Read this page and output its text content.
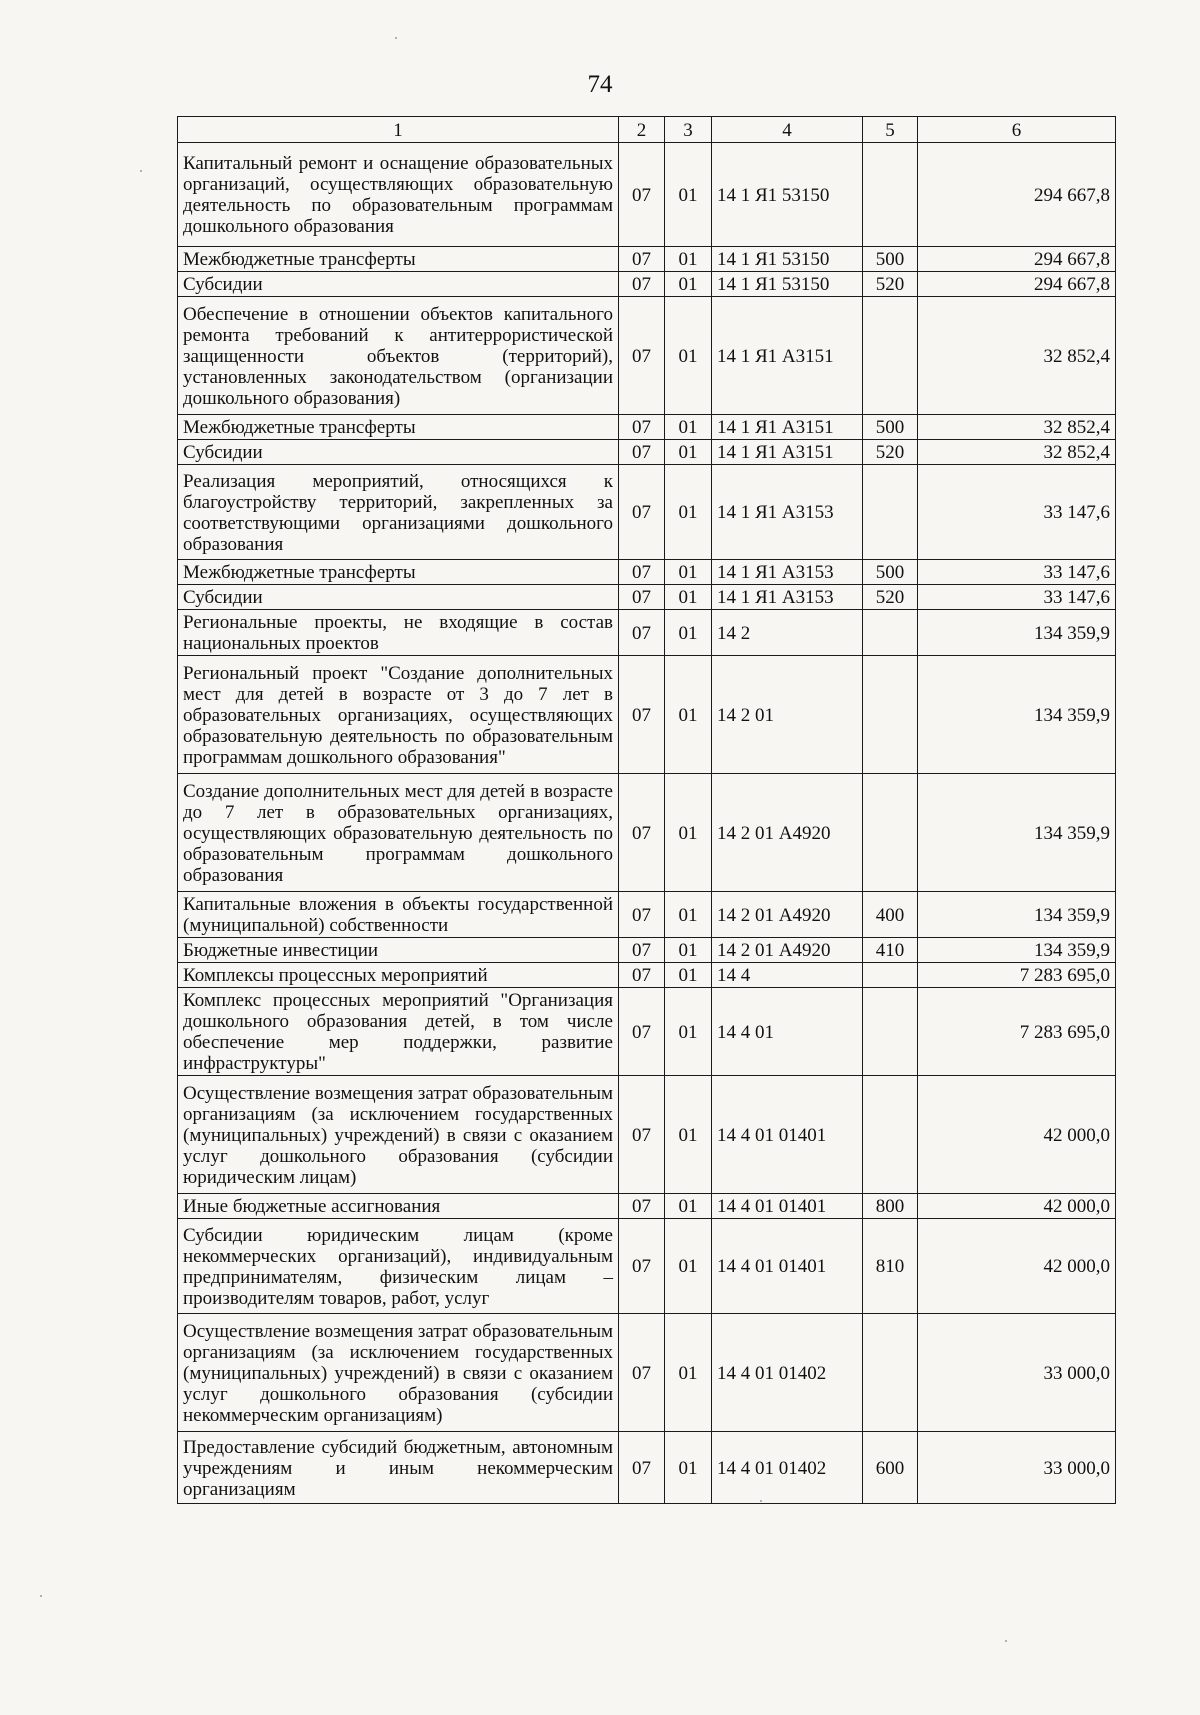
74
1	2	3	4	5	6
Капитальный ремонт и оснащение образовательных организаций, осуществляющих образовательную деятельность по образовательным программам дошкольного образования	07	01	14 1 Я1 53150		294 667,8
Межбюджетные трансферты	07	01	14 1 Я1 53150	500	294 667,8
Субсидии	07	01	14 1 Я1 53150	520	294 667,8
Обеспечение в отношении объектов капитального ремонта требований к антитеррористической защищенности объектов (территорий), установленных законодательством (организации дошкольного образования)	07	01	14 1 Я1 А3151		32 852,4
Межбюджетные трансферты	07	01	14 1 Я1 А3151	500	32 852,4
Субсидии	07	01	14 1 Я1 А3151	520	32 852,4
Реализация мероприятий, относящихся к благоустройству территорий, закрепленных за соответствующими организациями дошкольного образования	07	01	14 1 Я1 А3153		33 147,6
Межбюджетные трансферты	07	01	14 1 Я1 А3153	500	33 147,6
Субсидии	07	01	14 1 Я1 А3153	520	33 147,6
Региональные проекты, не входящие в состав национальных проектов	07	01	14 2		134 359,9
Региональный проект "Создание дополнительных мест для детей в возрасте от 3 до 7 лет в образовательных организациях, осуществляющих образовательную деятельность по образовательным программам дошкольного образования"	07	01	14 2 01		134 359,9
Создание дополнительных мест для детей в возрасте до 7 лет в образовательных организациях, осуществляющих образовательную деятельность по образовательным программам дошкольного образования	07	01	14 2 01 А4920		134 359,9
Капитальные вложения в объекты государственной (муниципальной) собственности	07	01	14 2 01 А4920	400	134 359,9
Бюджетные инвестиции	07	01	14 2 01 А4920	410	134 359,9
Комплексы процессных мероприятий	07	01	14 4		7 283 695,0
Комплекс процессных мероприятий "Организация дошкольного образования детей, в том числе обеспечение мер поддержки, развитие инфраструктуры"	07	01	14 4 01		7 283 695,0
Осуществление возмещения затрат образовательным организациям (за исключением государственных (муниципальных) учреждений) в связи с оказанием услуг дошкольного образования (субсидии юридическим лицам)	07	01	14 4 01 01401		42 000,0
Иные бюджетные ассигнования	07	01	14 4 01 01401	800	42 000,0
Субсидии юридическим лицам (кроме некоммерческих организаций), индивидуальным предпринимателям, физическим лицам – производителям товаров, работ, услуг	07	01	14 4 01 01401	810	42 000,0
Осуществление возмещения затрат образовательным организациям (за исключением государственных (муниципальных) учреждений) в связи с оказанием услуг дошкольного образования (субсидии некоммерческим организациям)	07	01	14 4 01 01402		33 000,0
Предоставление субсидий бюджетным, автономным учреждениям и иным некоммерческим организациям	07	01	14 4 01 01402	600	33 000,0
